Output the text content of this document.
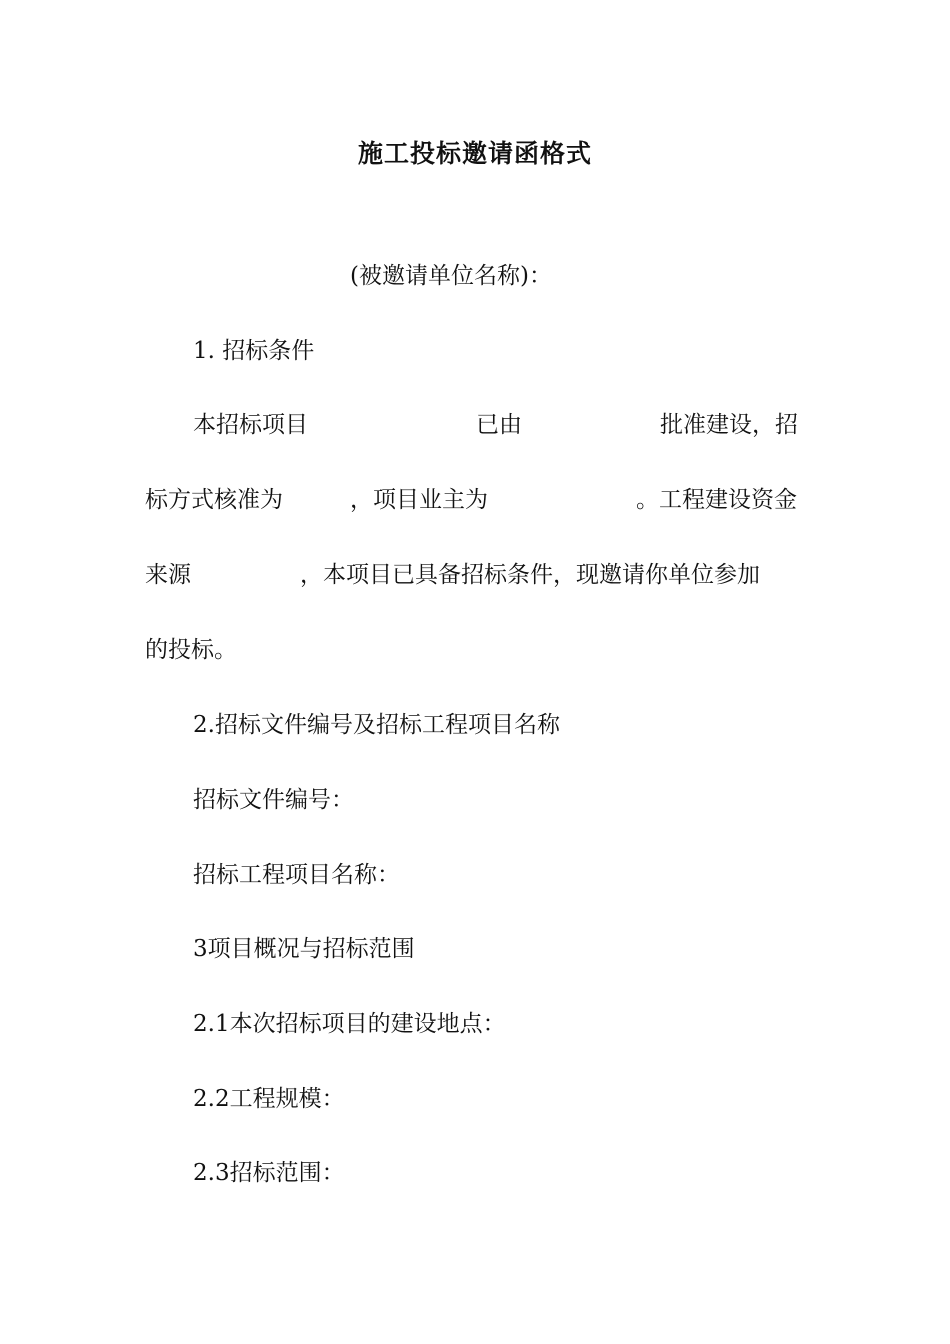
施工投标邀请函格式
(被邀请单位名称)：
1. 招标条件
本招标项目	已由	批准建设，招
标方式核准为	，项目业主为	。工程建设资金
来源	，本项目已具备招标条件，现邀请你单位参加
的投标。
2.招标文件编号及招标工程项目名称
招标文件编号：
招标工程项目名称：
3项目概况与招标范围
2.1本次招标项目的建设地点：
2.2工程规模：
2.3招标范围：
